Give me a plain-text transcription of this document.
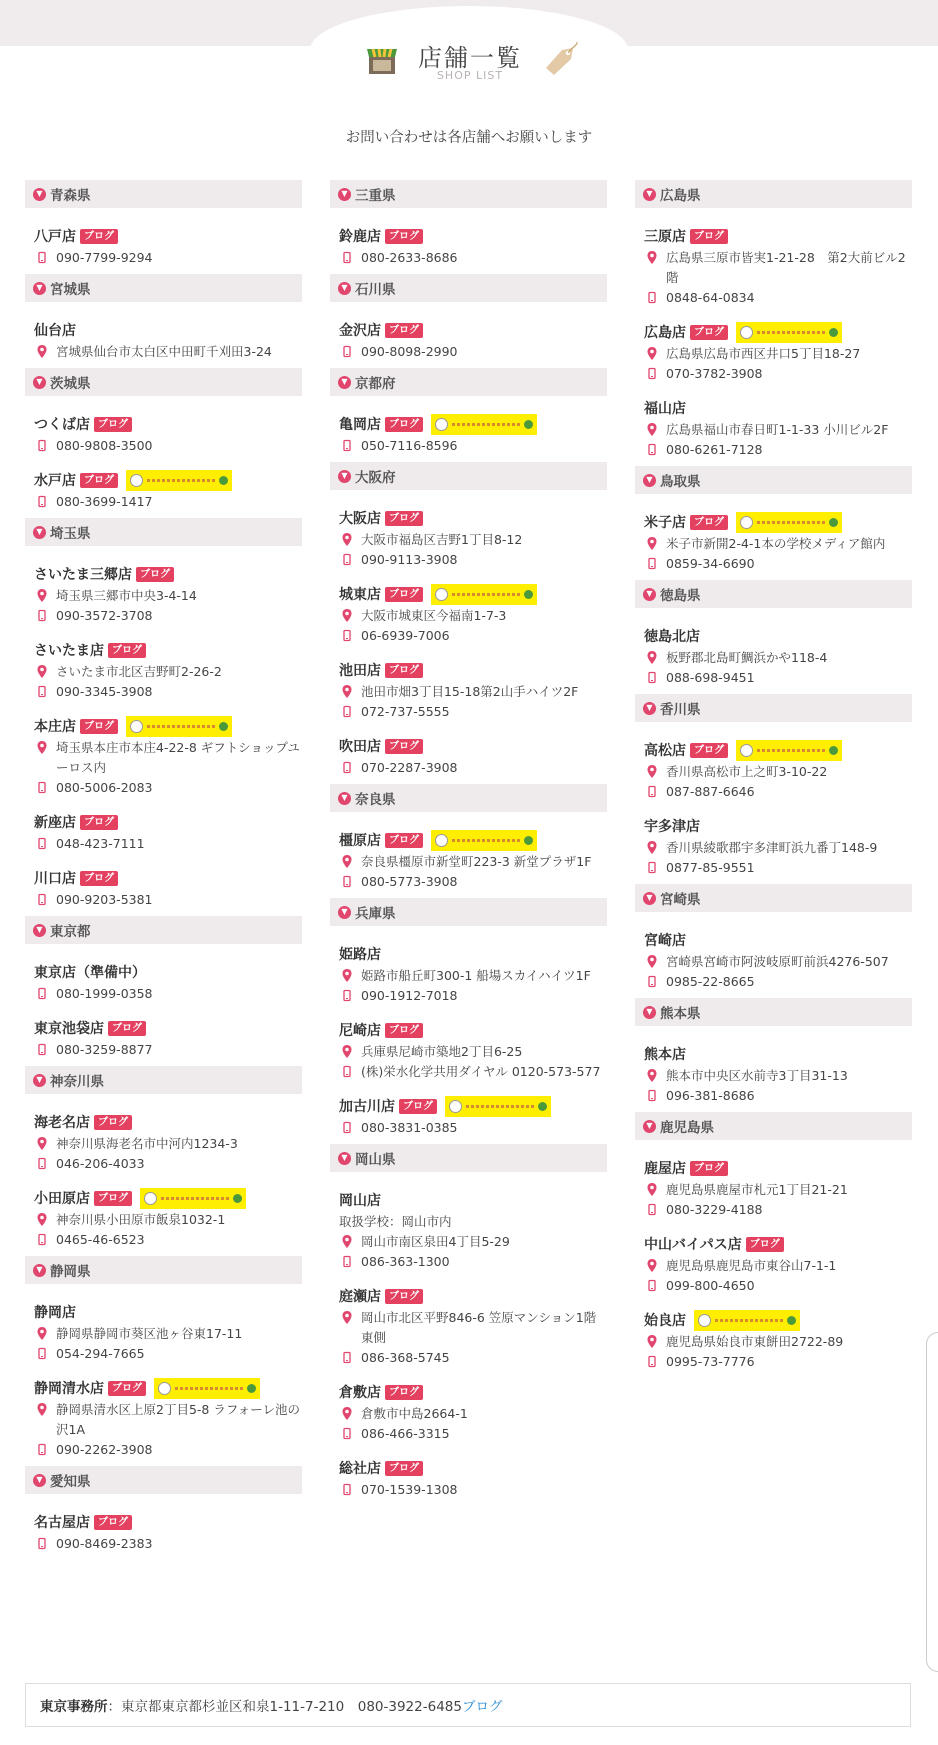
店舗一覧
SHOP LIST
お問い合わせは各店舗へお願いします
▼ 青森県
八戸店 ブログ
090-7799-9294
▼ 宮城県
仙台店
宮城県仙台市太白区中田町千刈田3-24
▼ 茨城県
つくば店 ブログ
080-9808-3500
水戸店 ブログ
080-3699-1417
▼ 埼玉県
さいたま三郷店 ブログ
埼玉県三郷市中央3-4-14
090-3572-3708
さいたま店 ブログ
さいたま市北区吉野町2-26-2
090-3345-3908
本庄店 ブログ
埼玉県本庄市本庄4-22-8 ギフトショップユーロス内
080-5006-2083
新座店 ブログ
048-423-7111
川口店 ブログ
090-9203-5381
▼ 東京都
東京店（準備中）
080-1999-0358
東京池袋店 ブログ
080-3259-8877
▼ 神奈川県
海老名店 ブログ
神奈川県海老名市中河内1234-3
046-206-4033
小田原店 ブログ
神奈川県小田原市飯泉1032-1
0465-46-6523
▼ 静岡県
静岡店
静岡県静岡市葵区池ヶ谷東17-11
054-294-7665
静岡清水店 ブログ
静岡県清水区上原2丁目5-8 ラフォーレ池の沢1A
090-2262-3908
▼ 愛知県
名古屋店 ブログ
090-8469-2383
▼ 三重県
鈴鹿店 ブログ
080-2633-8686
▼ 石川県
金沢店 ブログ
090-8098-2990
▼ 京都府
亀岡店 ブログ
050-7116-8596
▼ 大阪府
大阪店 ブログ
大阪市福島区吉野1丁目8-12
090-9113-3908
城東店 ブログ
大阪市城東区今福南1-7-3
06-6939-7006
池田店 ブログ
池田市畑3丁目15-18第2山手ハイツ2F
072-737-5555
吹田店 ブログ
070-2287-3908
▼ 奈良県
橿原店 ブログ
奈良県橿原市新堂町223-3 新堂プラザ1F
080-5773-3908
▼ 兵庫県
姫路店
姫路市船丘町300-1 船場スカイハイツ1F
090-1912-7018
尼崎店 ブログ
兵庫県尼崎市築地2丁目6-25
(株)栄水化学共用ダイヤル 0120-573-577
加古川店 ブログ
080-3831-0385
▼ 岡山県
岡山店
取扱学校：岡山市内
岡山市南区泉田4丁目5-29
086-363-1300
庭瀬店 ブログ
岡山市北区平野846-6 笠原マンション1階東側
086-368-5745
倉敷店 ブログ
倉敷市中島2664-1
086-466-3315
総社店 ブログ
070-1539-1308
▼ 広島県
三原店 ブログ
広島県三原市皆実1-21-28　第2大前ビル2階
0848-64-0834
広島店 ブログ
広島県広島市西区井口5丁目18-27
070-3782-3908
福山店
広島県福山市春日町1-1-33 小川ビル2F
080-6261-7128
▼ 鳥取県
米子店 ブログ
米子市新開2-4-1本の学校メディア館内
0859-34-6690
▼ 徳島県
徳島北店
板野郡北島町鯛浜かや118-4
088-698-9451
▼ 香川県
高松店 ブログ
香川県高松市上之町3-10-22
087-887-6646
宇多津店
香川県綾歌郡宇多津町浜九番丁148-9
0877-85-9551
▼ 宮崎県
宮崎店
宮崎県宮崎市阿波岐原町前浜4276-507
0985-22-8665
▼ 熊本県
熊本店
熊本市中央区水前寺3丁目31-13
096-381-8686
▼ 鹿児島県
鹿屋店 ブログ
鹿児島県鹿屋市札元1丁目21-21
080-3229-4188
中山バイパス店 ブログ
鹿児島県鹿児島市東谷山7-1-1
099-800-4650
始良店
鹿児島県始良市東餅田2722-89
0995-73-7776
東京事務所 ： 東京都東京都杉並区和泉1-11-7-210　080-3922-6485 ブログ
